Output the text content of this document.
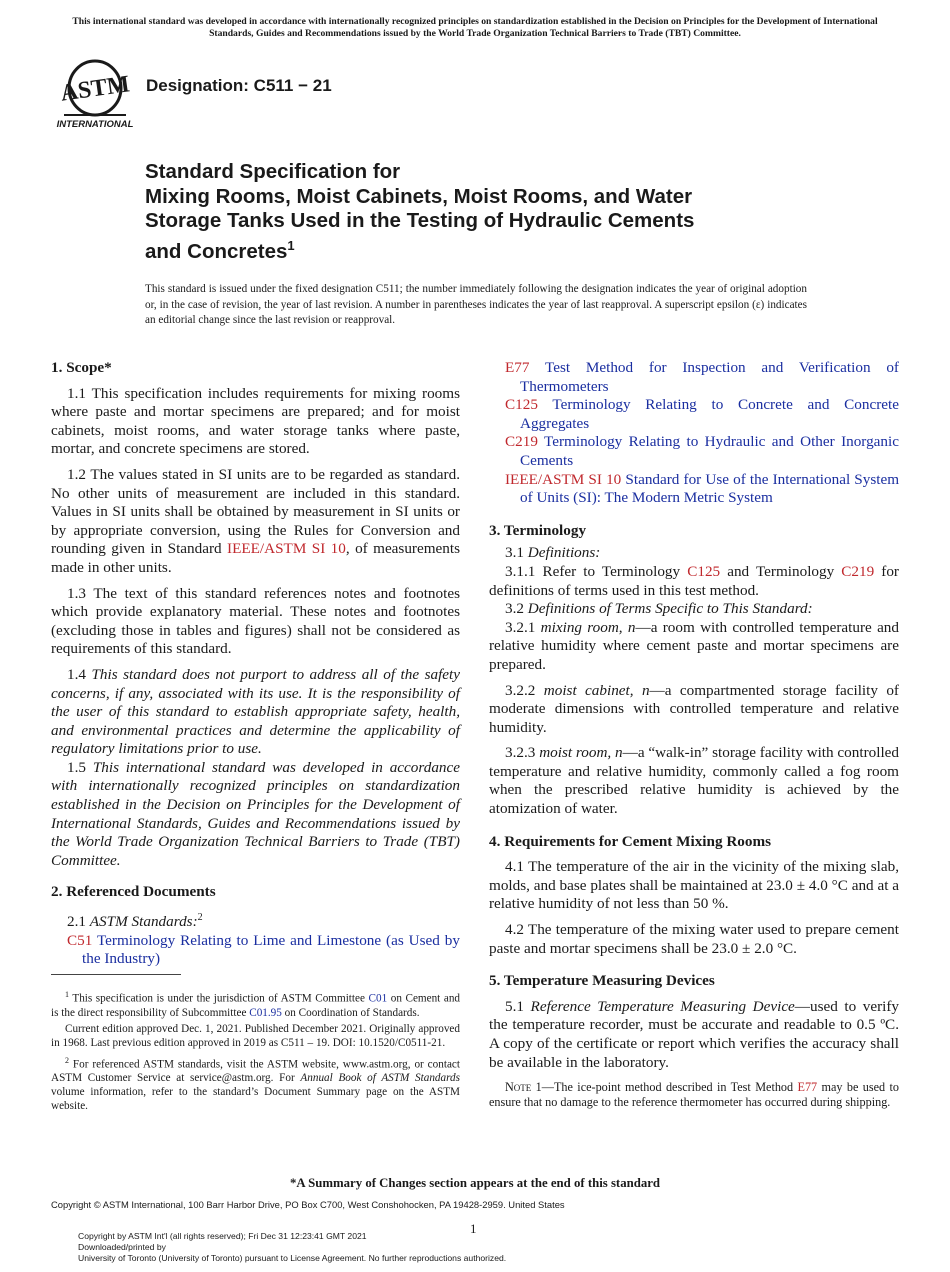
This international standard was developed in accordance with internationally recognized principles on standardization established in the Decision on Principles for the Development of International Standards, Guides and Recommendations issued by the World Trade Organization Technical Barriers to Trade (TBT) Committee.
ASTM
INTERNATIONAL
Designation: C511 − 21
Standard Specification for
Mixing Rooms, Moist Cabinets, Moist Rooms, and Water
Storage Tanks Used in the Testing of Hydraulic Cements
and Concretes$^1$
This standard is issued under the fixed designation C511; the number immediately following the designation indicates the year of original adoption or, in the case of revision, the year of last revision. A number in parentheses indicates the year of last reapproval. A superscript epsilon (ε) indicates an editorial change since the last revision or reapproval.
1. Scope*

1.1 This specification includes requirements for mixing rooms where paste and mortar specimens are prepared; and for moist cabinets, moist rooms, and water storage tanks where paste, mortar, and concrete specimens are stored.

1.2 The values stated in SI units are to be regarded as standard. No other units of measurement are included in this standard. Values in SI units shall be obtained by measurement in SI units or by appropriate conversion, using the Rules for Conversion and rounding given in Standard IEEE/ASTM SI 10, of measurements made in other units.

1.3 The text of this standard references notes and footnotes which provide explanatory material. These notes and footnotes (excluding those in tables and figures) shall not be considered as requirements of this standard.

1.4 This standard does not purport to address all of the safety concerns, if any, associated with its use. It is the responsibility of the user of this standard to establish appropriate safety, health, and environmental practices and determine the applicability of regulatory limitations prior to use.

1.5 This international standard was developed in accordance with internationally recognized principles on standardization established in the Decision on Principles for the Development of International Standards, Guides and Recommendations issued by the World Trade Organization Technical Barriers to Trade (TBT) Committee.

2. Referenced Documents

2.1 ASTM Standards:$^2$

C51 Terminology Relating to Lime and Limestone (as Used by the Industry)

$^1$ This specification is under the jurisdiction of ASTM Committee C01 on Cement and is the direct responsibility of Subcommittee C01.95 on Coordination of Standards.

Current edition approved Dec. 1, 2021. Published December 2021. Originally approved in 1968. Last previous edition approved in 2019 as C511 – 19. DOI: 10.1520/C0511-21.

$^2$ For referenced ASTM standards, visit the ASTM website, www.astm.org, or contact ASTM Customer Service at service@astm.org. For Annual Book of ASTM Standards volume information, refer to the standard’s Document Summary page on the ASTM website.

E77 Test Method for Inspection and Verification of Thermometers

C125 Terminology Relating to Concrete and Concrete Aggregates

C219 Terminology Relating to Hydraulic and Other Inorganic Cements

IEEE/ASTM SI 10 Standard for Use of the International System of Units (SI): The Modern Metric System

3. Terminology

3.1 Definitions:

3.1.1 Refer to Terminology C125 and Terminology C219 for definitions of terms used in this test method.

3.2 Definitions of Terms Specific to This Standard:

3.2.1 mixing room, n—a room with controlled temperature and relative humidity where cement paste and mortar specimens are prepared.

3.2.2 moist cabinet, n—a compartmented storage facility of moderate dimensions with controlled temperature and relative humidity.

3.2.3 moist room, n—a “walk-in” storage facility with controlled temperature and relative humidity, commonly called a fog room when the prescribed relative humidity is achieved by the atomization of water.

4. Requirements for Cement Mixing Rooms

4.1 The temperature of the air in the vicinity of the mixing slab, molds, and base plates shall be maintained at 23.0 ± 4.0 °C and at a relative humidity of not less than 50 %.

4.2 The temperature of the mixing water used to prepare cement paste and mortar specimens shall be 23.0 ± 2.0 °C.

5. Temperature Measuring Devices

5.1 Reference Temperature Measuring Device—used to verify the temperature recorder, must be accurate and readable to 0.5 ºC. A copy of the certificate or report which verifies the accuracy shall be available in the laboratory.

Note 1—The ice-point method described in Test Method E77 may be used to ensure that no damage to the reference thermometer has occurred during shipping.

*A Summary of Changes section appears at the end of this standard
Copyright © ASTM International, 100 Barr Harbor Drive, PO Box C700, West Conshohocken, PA 19428-2959. United States
1
Copyright by ASTM Int'l (all rights reserved); Fri Dec 31 12:23:41 GMT 2021
Downloaded/printed by
University of Toronto (University of Toronto) pursuant to License Agreement. No further reproductions authorized.
